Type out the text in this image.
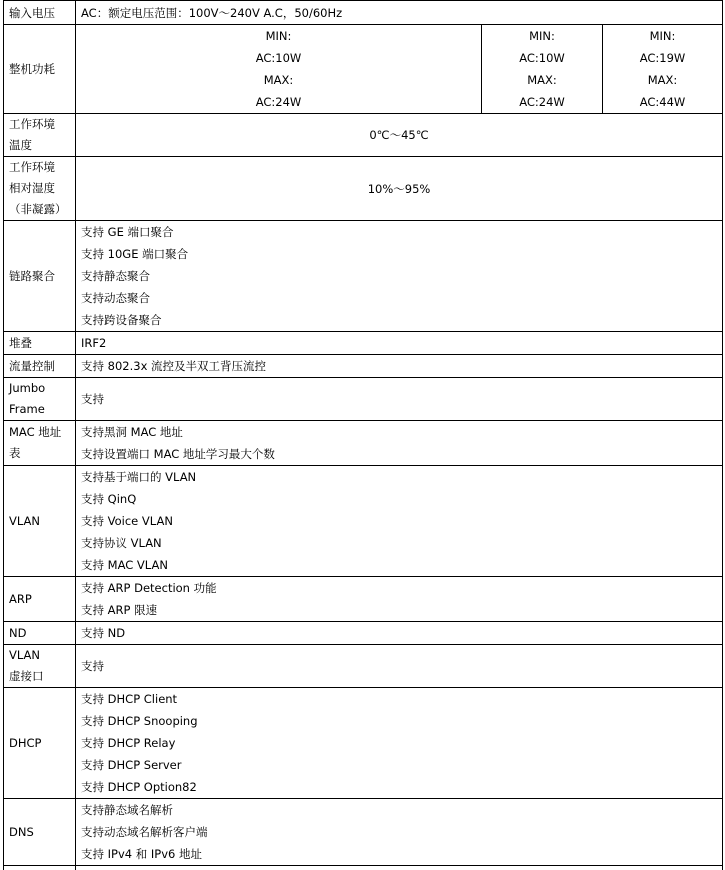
输入电压	AC：额定电压范围：100V～240V A.C，50/60Hz		

整机功耗	MIN:
AC:10W
MAX:
AC:24W	MIN:
AC:10W
MAX:
AC:24W	MIN:
AC:19W
MAX:
AC:44W

工作环境
温度	0℃～45℃		

工作环境
相对湿度
（非凝露）	10%～95%		

链路聚合	支持 GE 端口聚合
支持 10GE 端口聚合
支持静态聚合
支持动态聚合
支持跨设备聚合		

堆叠	IRF2		

流量控制	支持 802.3x 流控及半双工背压流控		

Jumbo
Frame	支持		

MAC 地址
表	支持黑洞 MAC 地址
支持设置端口 MAC 地址学习最大个数		

VLAN	支持基于端口的 VLAN
支持 QinQ
支持 Voice VLAN
支持协议 VLAN
支持 MAC VLAN		

ARP	支持 ARP Detection 功能
支持 ARP 限速		

ND	支持 ND		

VLAN
虚接口	支持		

DHCP	支持 DHCP Client
支持 DHCP Snooping
支持 DHCP Relay
支持 DHCP Server
支持 DHCP Option82		

DNS	支持静态域名解析
支持动态域名解析客户端
支持 IPv4 和 IPv6 地址		
